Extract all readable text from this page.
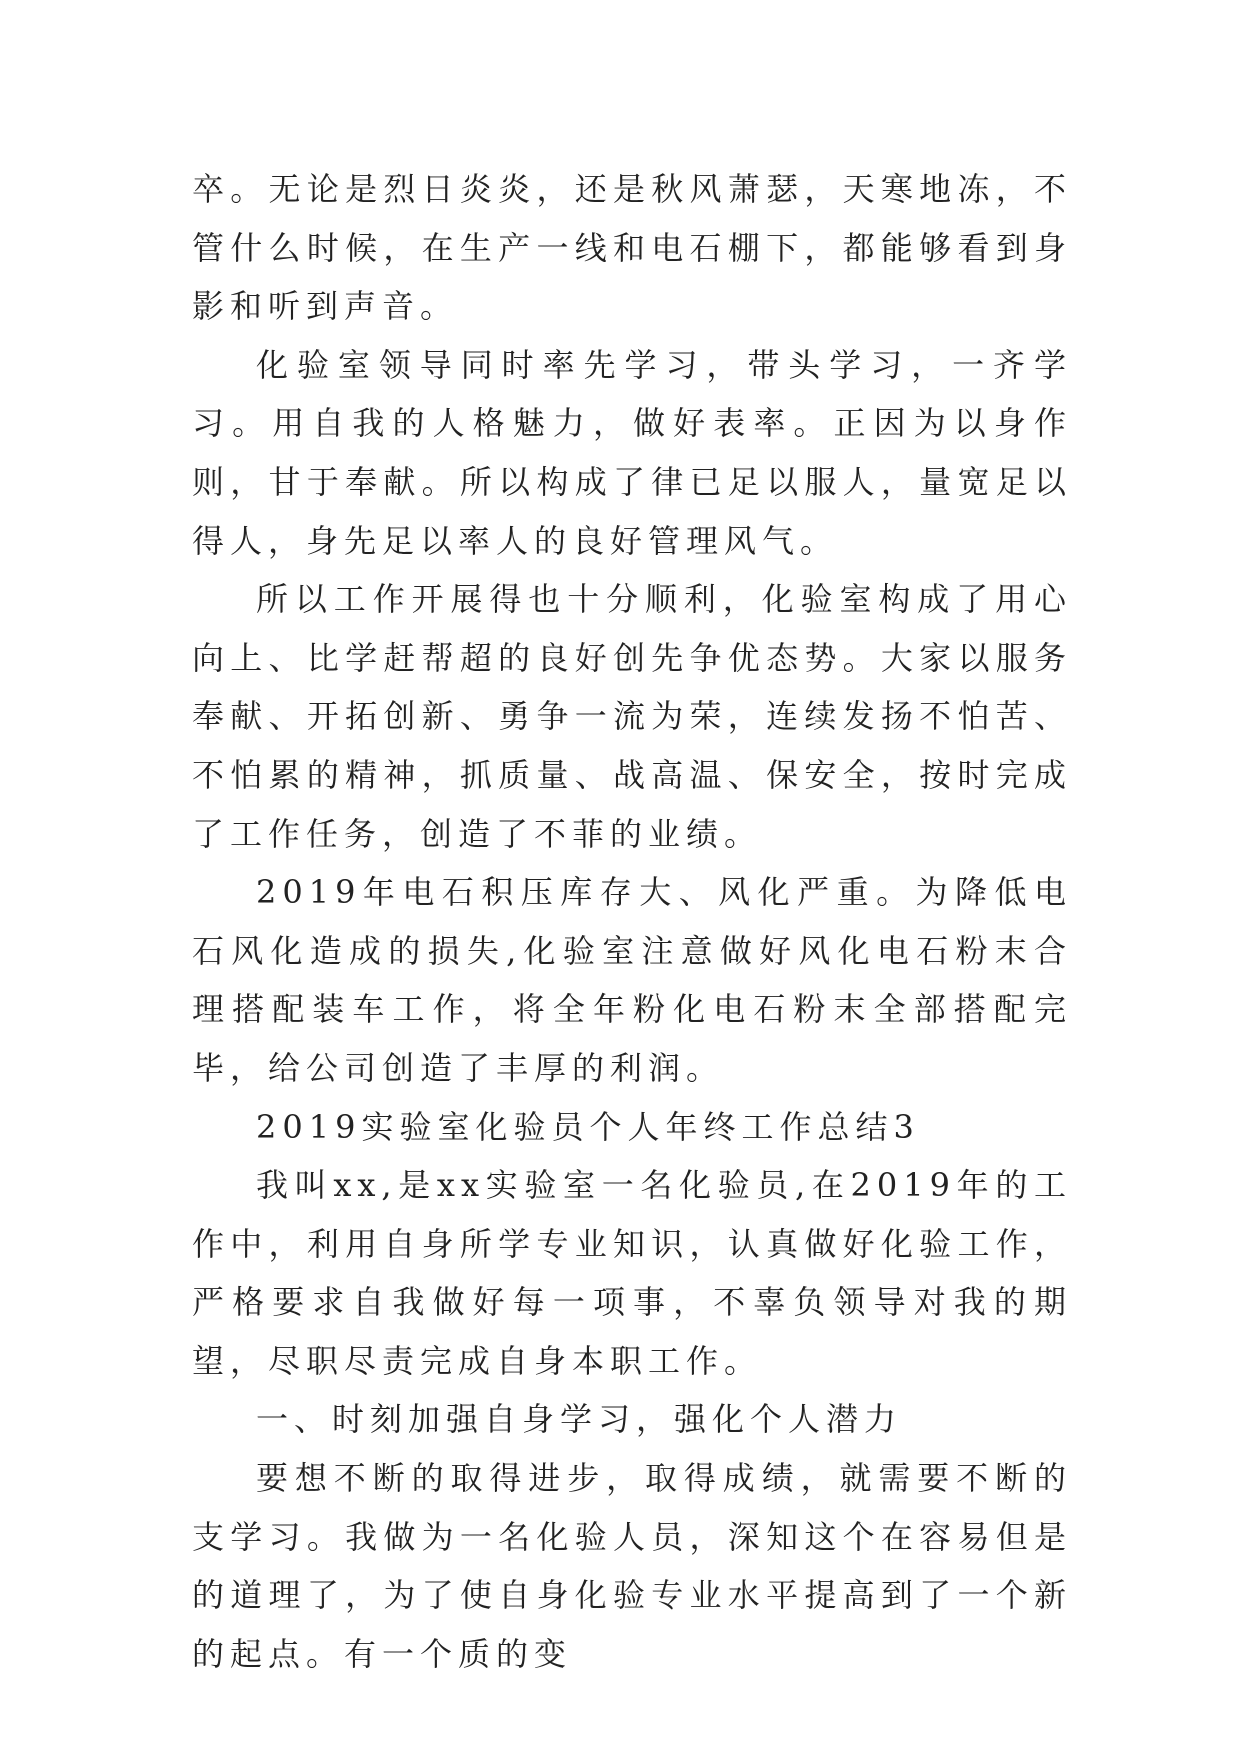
卒。无论是烈日炎炎，还是秋风萧瑟，天寒地冻，不管什么时候，在生产一线和电石棚下，都能够看到身影和听到声音。

化验室领导同时率先学习，带头学习，一齐学习。用自我的人格魅力，做好表率。正因为以身作则，甘于奉献。所以构成了律已足以服人，量宽足以得人，身先足以率人的良好管理风气。

所以工作开展得也十分顺利，化验室构成了用心向上、比学赶帮超的良好创先争优态势。大家以服务奉献、开拓创新、勇争一流为荣，连续发扬不怕苦、不怕累的精神，抓质量、战高温、保安全，按时完成了工作任务，创造了不菲的业绩。

2019年电石积压库存大、风化严重。为降低电石风化造成的损失,化验室注意做好风化电石粉末合理搭配装车工作，将全年粉化电石粉末全部搭配完毕，给公司创造了丰厚的利润。

2019实验室化验员个人年终工作总结3

我叫xx,是xx实验室一名化验员,在2019年的工作中，利用自身所学专业知识，认真做好化验工作，严格要求自我做好每一项事，不辜负领导对我的期望，尽职尽责完成自身本职工作。

一、时刻加强自身学习，强化个人潜力

要想不断的取得进步，取得成绩，就需要不断的支学习。我做为一名化验人员，深知这个在容易但是的道理了，为了使自身化验专业水平提高到了一个新的起点。有一个质的变
